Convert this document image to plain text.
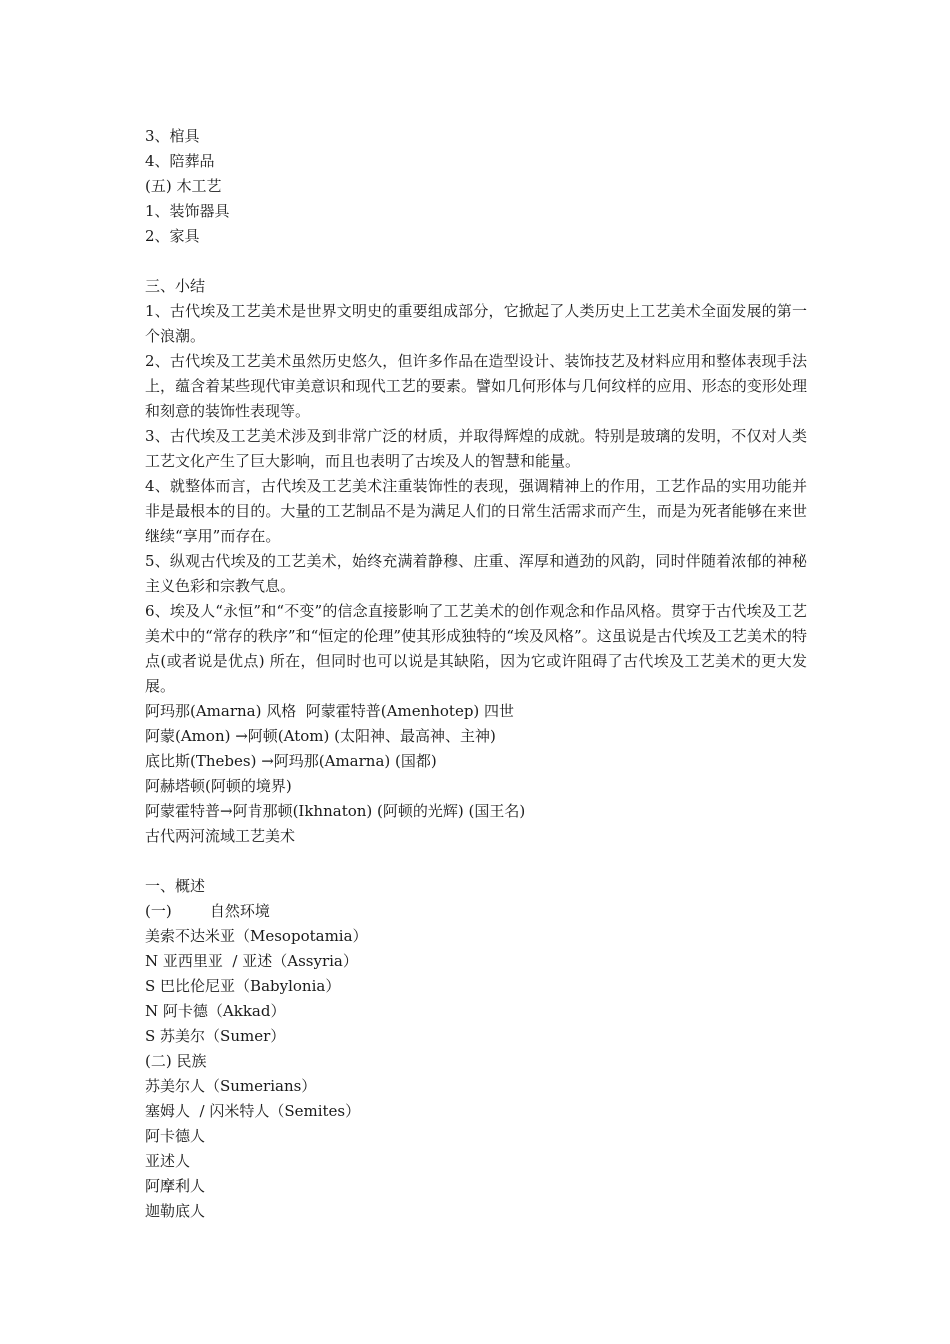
3、棺具
4、陪葬品
(五) 木工艺
1、装饰器具
2、家具
三、小结
1、古代埃及工艺美术是世界文明史的重要组成部分，它掀起了人类历史上工艺美术全面发展的第一个浪潮。
2、古代埃及工艺美术虽然历史悠久，但许多作品在造型设计、装饰技艺及材料应用和整体表现手法上，蕴含着某些现代审美意识和现代工艺的要素。譬如几何形体与几何纹样的应用、形态的变形处理和刻意的装饰性表现等。
3、古代埃及工艺美术涉及到非常广泛的材质，并取得辉煌的成就。特别是玻璃的发明，不仅对人类工艺文化产生了巨大影响，而且也表明了古埃及人的智慧和能量。
4、就整体而言，古代埃及工艺美术注重装饰性的表现，强调精神上的作用，工艺作品的实用功能并非是最根本的目的。大量的工艺制品不是为满足人们的日常生活需求而产生，而是为死者能够在来世继续“享用”而存在。
5、纵观古代埃及的工艺美术，始终充满着静穆、庄重、浑厚和遒劲的风韵，同时伴随着浓郁的神秘主义色彩和宗教气息。
6、埃及人“永恒”和“不变”的信念直接影响了工艺美术的创作观念和作品风格。贯穿于古代埃及工艺美术中的“常存的秩序”和“恒定的伦理”使其形成独特的“埃及风格”。这虽说是古代埃及工艺美术的特点(或者说是优点) 所在，但同时也可以说是其缺陷，因为它或许阻碍了古代埃及工艺美术的更大发展。
阿玛那(Amarna) 风格  阿蒙霍特普(Amenhotep) 四世
阿蒙(Amon) →阿顿(Atom) (太阳神、最高神、主神)
底比斯(Thebes) →阿玛那(Amarna) (国都)
阿赫塔顿(阿顿的境界)
阿蒙霍特普→阿肯那顿(Ikhnaton) (阿顿的光辉) (国王名)
古代两河流域工艺美术
一、概述
(一)        自然环境
美索不达米亚（Mesopotamia）
N 亚西里亚  / 亚述（Assyria）
S 巴比伦尼亚（Babylonia）
N 阿卡德（Akkad）
S 苏美尔（Sumer）
(二) 民族
苏美尔人（Sumerians）
塞姆人  / 闪米特人（Semites）
阿卡德人
亚述人
阿摩利人
迦勒底人
